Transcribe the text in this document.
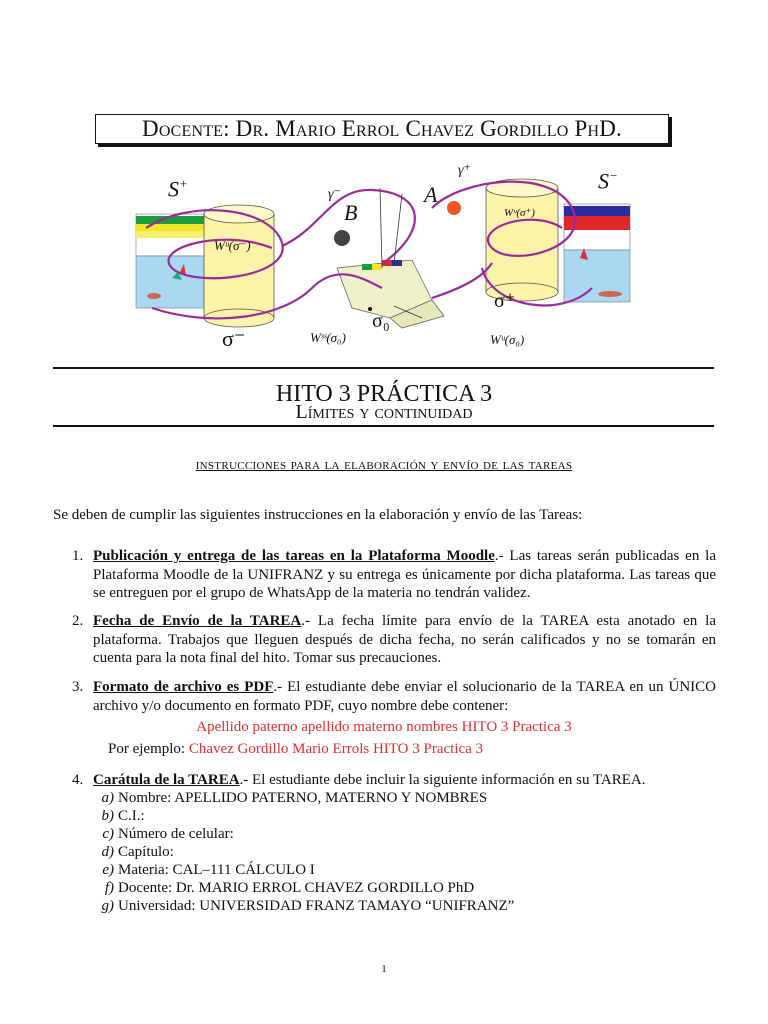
Docente: Dr. Mario Errol Chavez Gordillo PhD.
S+	S−
γ⁻
γ⁺
B
A
Wᵘ(σ⁻)
Wᵘ(σ⁺)
σ⁺
σ⁻
σ₀
Wˢˢ(σ₀)	Wᵘ(σ₀)
HITO 3 PRÁCTICA 3
Límites y continuidad
instrucciones para la elaboración y envío de las tareas
Se deben de cumplir las siguientes instrucciones en la elaboración y envío de las Tareas:
1. Publicación y entrega de las tareas en la Plataforma Moodle.- Las tareas serán publicadas en la Plataforma Moodle de la UNIFRANZ y su entrega es únicamente por dicha plataforma. Las tareas que se entreguen por el grupo de WhatsApp de la materia no tendrán validez.
2. Fecha de Envío de la TAREA.- La fecha límite para envío de la TAREA esta anotado en la plataforma. Trabajos que lleguen después de dicha fecha, no serán calificados y no se tomarán en cuenta para la nota final del hito. Tomar sus precauciones.
3. Formato de archivo es PDF.- El estudiante debe enviar el solucionario de la TAREA en un ÚNICO archivo y/o documento en formato PDF, cuyo nombre debe contener:
Apellido paterno apellido materno nombres HITO 3 Practica 3
Por ejemplo: Chavez Gordillo Mario Errols HITO 3 Practica 3
4. Carátula de la TAREA.- El estudiante debe incluir la siguiente información en su TAREA.
a) Nombre: APELLIDO PATERNO, MATERNO Y NOMBRES
b) C.I.:
c) Número de celular:
d) Capítulo:
e) Materia: CAL–111 CÁLCULO I
f) Docente: Dr. MARIO ERROL CHAVEZ GORDILLO PhD
g) Universidad: UNIVERSIDAD FRANZ TAMAYO “UNIFRANZ”
1
